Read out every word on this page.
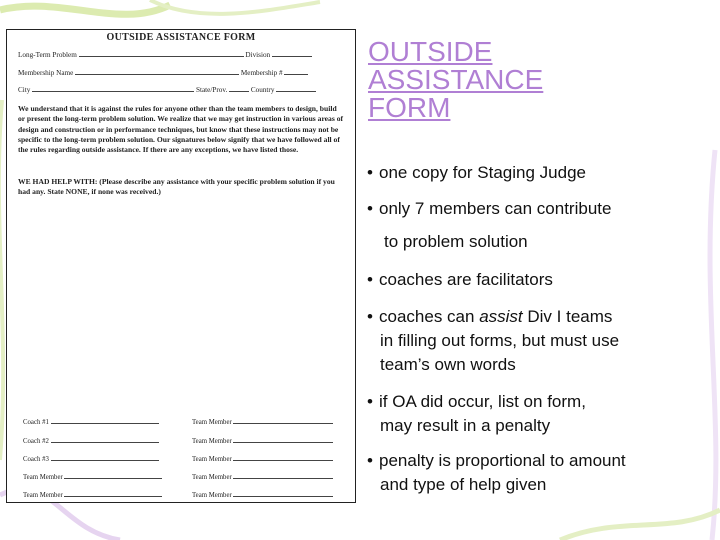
OUTSIDE ASSISTANCE FORM
Long-Term Problem	Division
Membership Name	Membership #
City	State/Prov.	Country
We understand that it is against the rules for anyone other than the team members to design, build or present the long-term problem solution. We realize that we may get instruction in various areas of design and construction or in performance techniques, but know that these instructions may not be specific to the long-term problem solution. Our signatures below signify that we have followed all of the rules regarding outside assistance. If there are any exceptions, we have listed those.
WE HAD HELP WITH: (Please describe any assistance with your specific problem solution if you had any. State NONE, if none was received.)
Coach #1	Team Member
Coach #2	Team Member
Coach #3	Team Member
Team Member	Team Member
Team Member	Team Member
OUTSIDE
ASSISTANCE
FORM
• one copy for Staging Judge
• only 7 members can contribute
to problem solution
• coaches are facilitators
• coaches can assist Div I teams
in filling out forms, but must use
team’s own words
• if OA did occur, list on form,
may result in a penalty
• penalty is proportional to amount
and type of help given
